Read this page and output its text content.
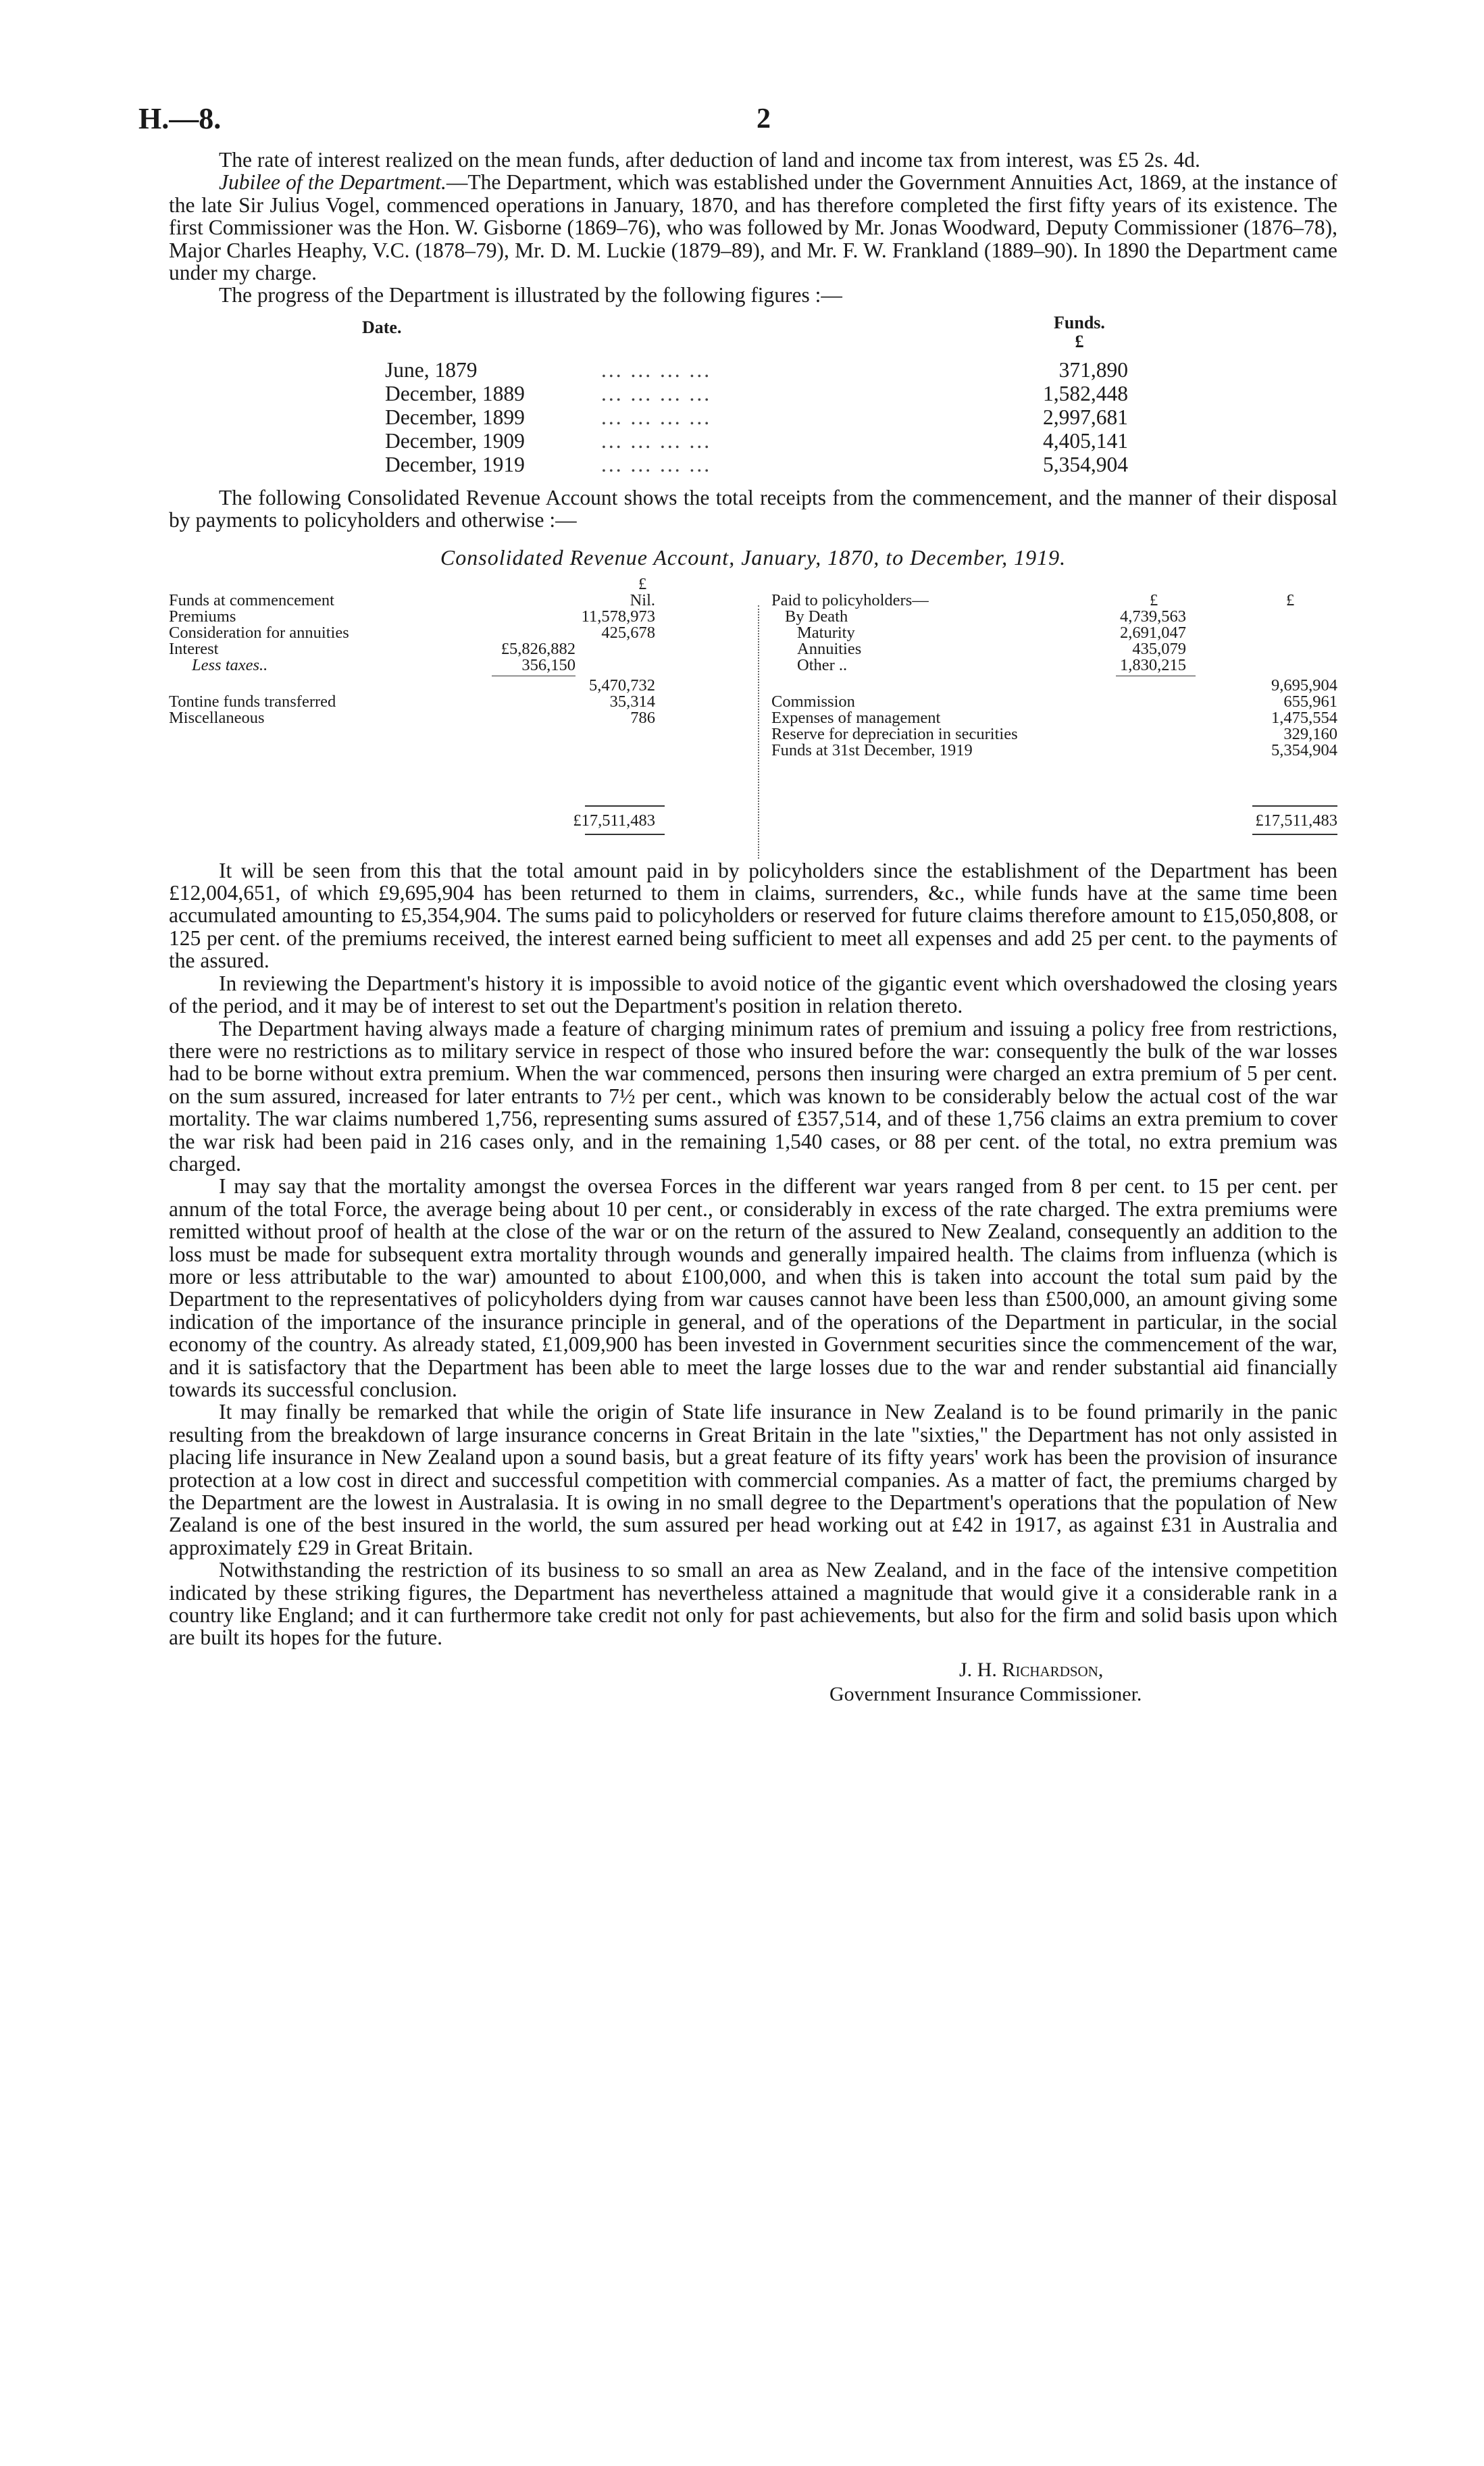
H.—8.	2

The rate of interest realized on the mean funds, after deduction of land and income tax from interest, was £5 2s. 4d.

Jubilee of the Department.—The Department, which was established under the Government Annuities Act, 1869, at the instance of the late Sir Julius Vogel, commenced operations in January, 1870, and has therefore completed the first fifty years of its existence. The first Commissioner was the Hon. W. Gisborne (1869–76), who was followed by Mr. Jonas Woodward, Deputy Commissioner (1876–78), Major Charles Heaphy, V.C. (1878–79), Mr. D. M. Luckie (1879–89), and Mr. F. W. Frankland (1889–90). In 1890 the Department came under my charge.

The progress of the Department is illustrated by the following figures :—

Date.	Funds.
£
June, 1879	... ... ... ...	371,890
December, 1889	... ... ... ...	1,582,448
December, 1899	... ... ... ...	2,997,681
December, 1909	... ... ... ...	4,405,141
December, 1919	... ... ... ...	5,354,904

The following Consolidated Revenue Account shows the total receipts from the commencement, and the manner of their disposal by payments to policyholders and otherwise :—

Consolidated Revenue Account, January, 1870, to December, 1919.
£
Funds at commencement	Nil.
Premiums	11,578,973
Consideration for annuities	425,678
Interest	£5,826,882
Less taxes..	356,150
5,470,732
Tontine funds transferred	35,314
Miscellaneous	786
£17,511,483
£	£
Paid to policyholders—
By Death	4,739,563
Maturity	2,691,047
Annuities	435,079
Other ..	1,830,215
9,695,904
Commission	655,961
Expenses of management	1,475,554
Reserve for depreciation in securities	329,160
Funds at 31st December, 1919	5,354,904
£17,511,483

It will be seen from this that the total amount paid in by policyholders since the establishment of the Department has been £12,004,651, of which £9,695,904 has been returned to them in claims, surrenders, &c., while funds have at the same time been accumulated amounting to £5,354,904. The sums paid to policyholders or reserved for future claims therefore amount to £15,050,808, or 125 per cent. of the premiums received, the interest earned being sufficient to meet all expenses and add 25 per cent. to the payments of the assured.

In reviewing the Department's history it is impossible to avoid notice of the gigantic event which overshadowed the closing years of the period, and it may be of interest to set out the Department's position in relation thereto.

The Department having always made a feature of charging minimum rates of premium and issuing a policy free from restrictions, there were no restrictions as to military service in respect of those who insured before the war: consequently the bulk of the war losses had to be borne without extra premium. When the war commenced, persons then insuring were charged an extra premium of 5 per cent. on the sum assured, increased for later entrants to 7½ per cent., which was known to be considerably below the actual cost of the war mortality. The war claims numbered 1,756, representing sums assured of £357,514, and of these 1,756 claims an extra premium to cover the war risk had been paid in 216 cases only, and in the remaining 1,540 cases, or 88 per cent. of the total, no extra premium was charged.

I may say that the mortality amongst the oversea Forces in the different war years ranged from 8 per cent. to 15 per cent. per annum of the total Force, the average being about 10 per cent., or considerably in excess of the rate charged. The extra premiums were remitted without proof of health at the close of the war or on the return of the assured to New Zealand, consequently an addition to the loss must be made for subsequent extra mortality through wounds and generally impaired health. The claims from influenza (which is more or less attributable to the war) amounted to about £100,000, and when this is taken into account the total sum paid by the Department to the representatives of policyholders dying from war causes cannot have been less than £500,000, an amount giving some indication of the importance of the insurance principle in general, and of the operations of the Department in particular, in the social economy of the country. As already stated, £1,009,900 has been invested in Government securities since the commencement of the war, and it is satisfactory that the Department has been able to meet the large losses due to the war and render substantial aid financially towards its successful conclusion.

It may finally be remarked that while the origin of State life insurance in New Zealand is to be found primarily in the panic resulting from the breakdown of large insurance concerns in Great Britain in the late "sixties," the Department has not only assisted in placing life insurance in New Zealand upon a sound basis, but a great feature of its fifty years' work has been the provision of insurance protection at a low cost in direct and successful competition with commercial companies. As a matter of fact, the premiums charged by the Department are the lowest in Australasia. It is owing in no small degree to the Department's operations that the population of New Zealand is one of the best insured in the world, the sum assured per head working out at £42 in 1917, as against £31 in Australia and approximately £29 in Great Britain.

Notwithstanding the restriction of its business to so small an area as New Zealand, and in the face of the intensive competition indicated by these striking figures, the Department has nevertheless attained a magnitude that would give it a considerable rank in a country like England; and it can furthermore take credit not only for past achievements, but also for the firm and solid basis upon which are built its hopes for the future.

J. H. Richardson,
Government Insurance Commissioner.
